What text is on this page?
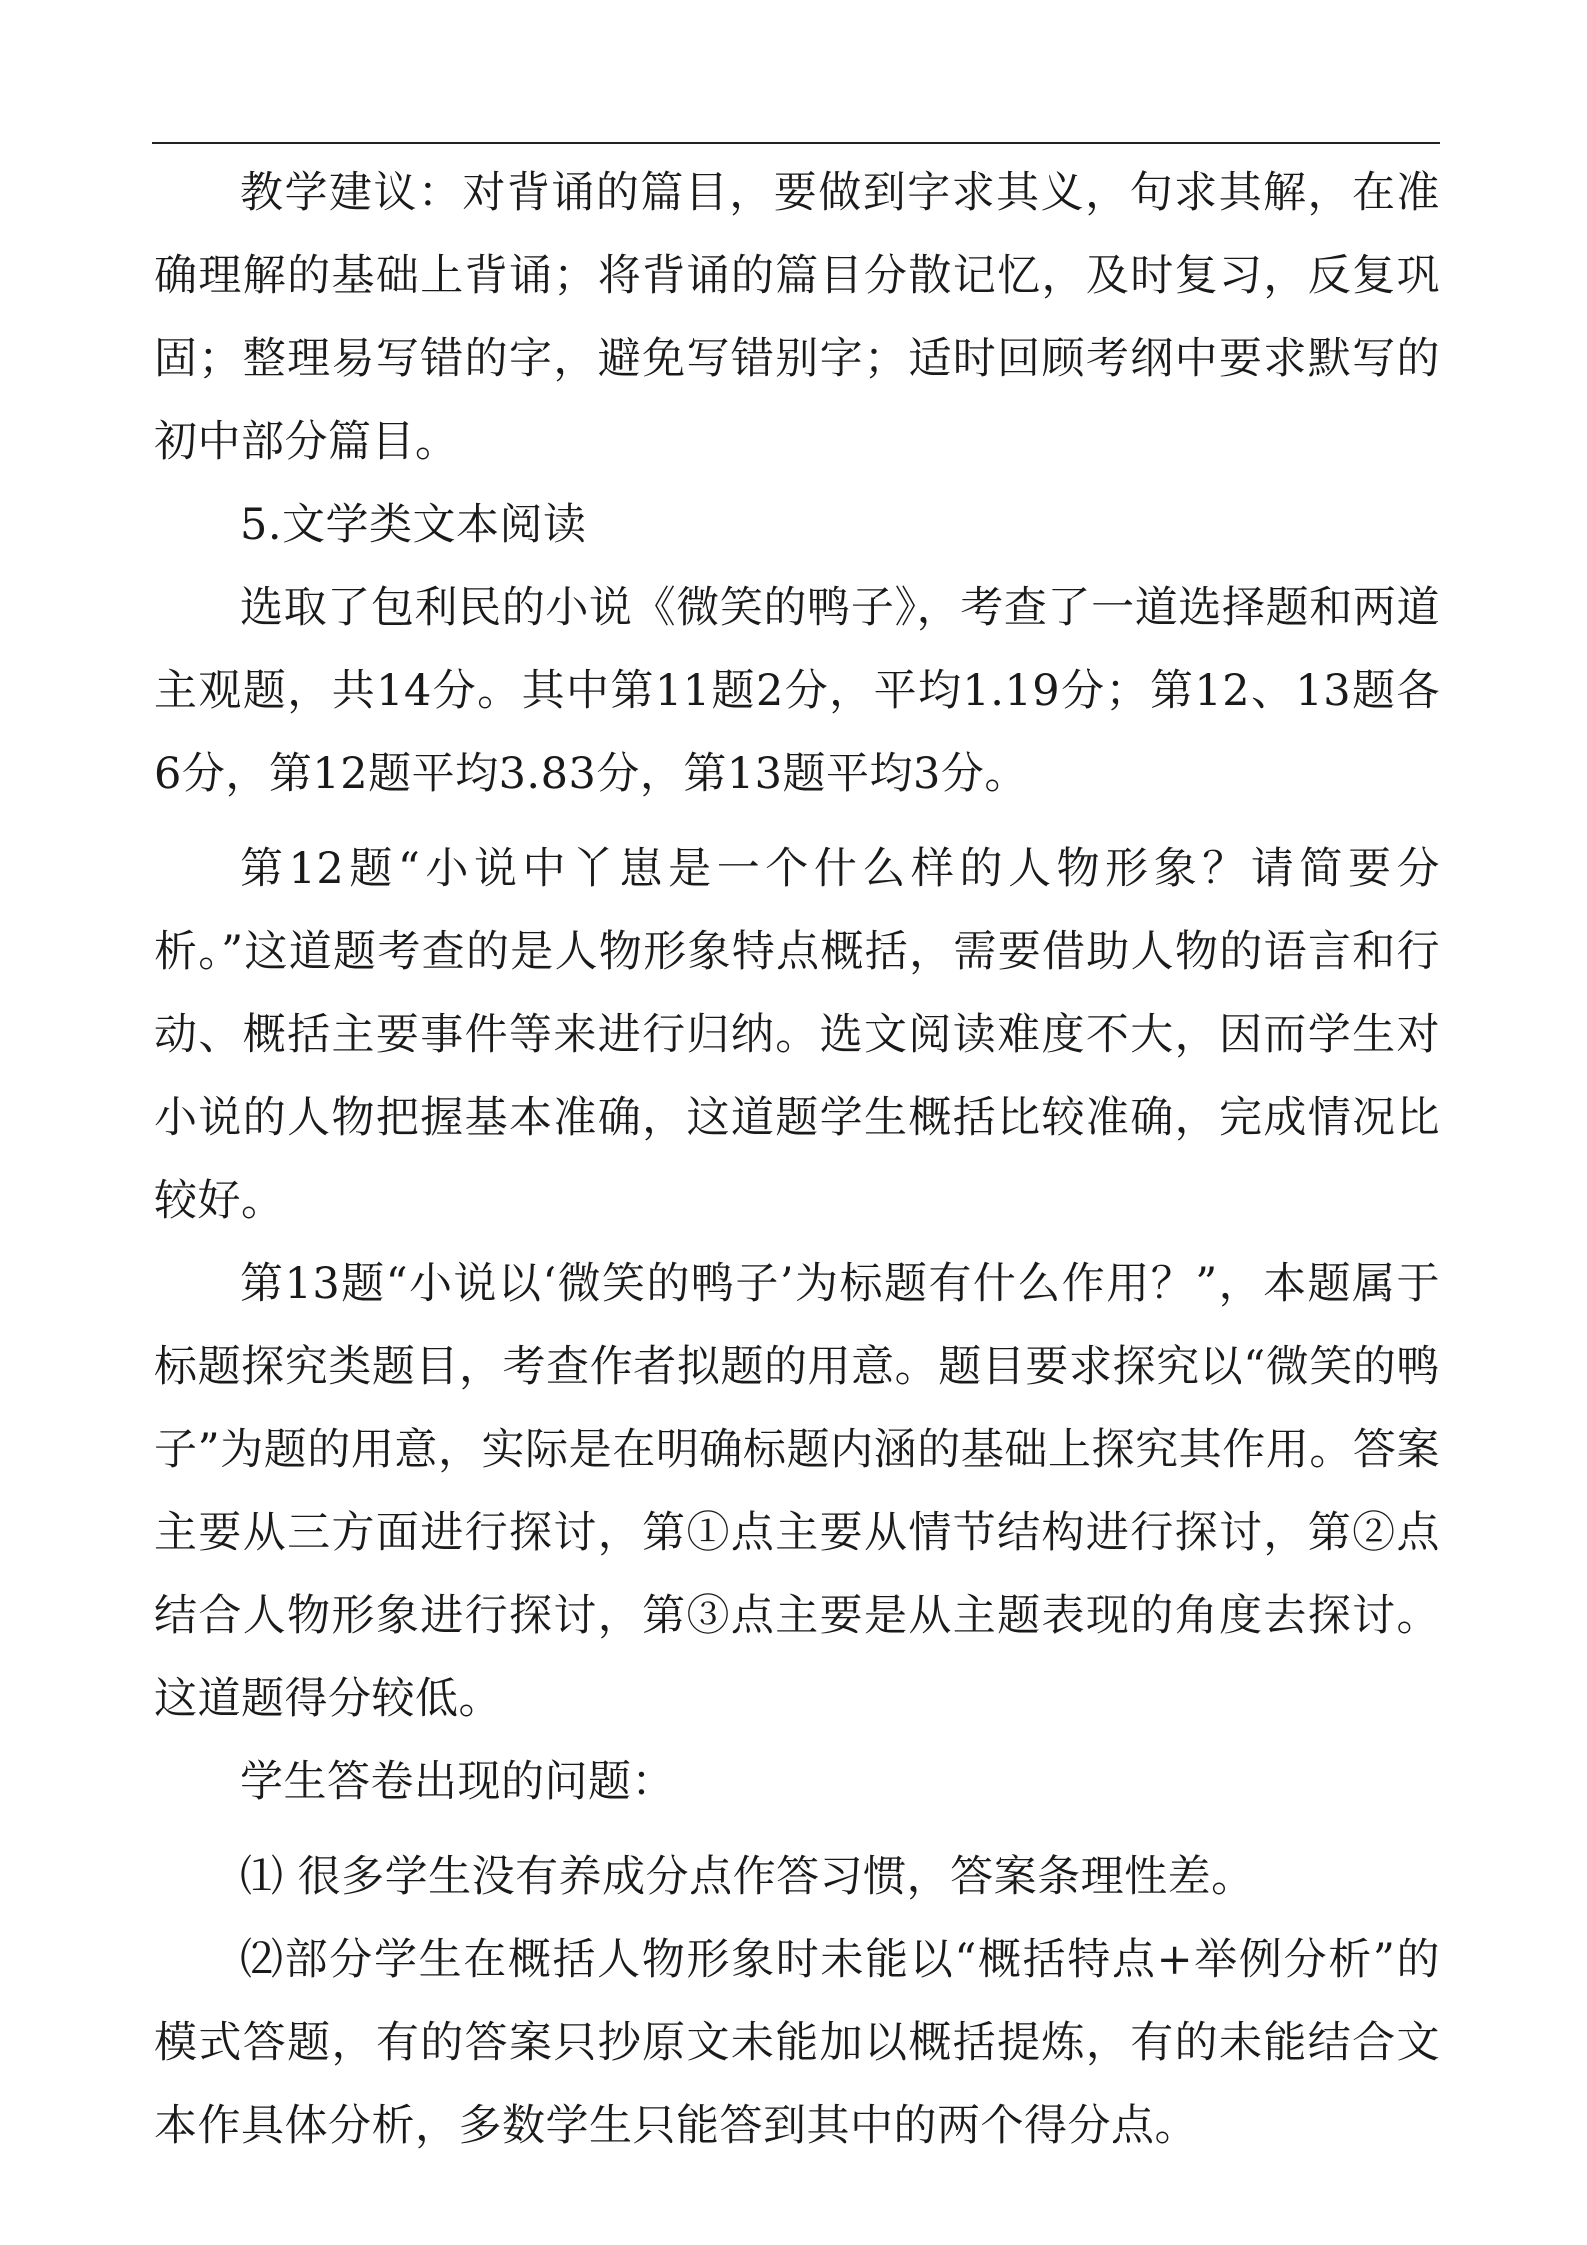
教学建议：对背诵的篇目，要做到字求其义，句求其解，在准确理解的基础上背诵；将背诵的篇目分散记忆，及时复习，反复巩固；整理易写错的字，避免写错别字；适时回顾考纲中要求默写的初中部分篇目。

5.文学类文本阅读

选取了包利民的小说《微笑的鸭子》，考查了一道选择题和两道主观题，共14分。其中第11题2分，平均1.19分；第12、13题各6分，第12题平均3.83分，第13题平均3分。

第12题“小说中丫崽是一个什么样的人物形象？请简要分析。”这道题考查的是人物形象特点概括，需要借助人物的语言和行动、概括主要事件等来进行归纳。选文阅读难度不大，因而学生对小说的人物把握基本准确，这道题学生概括比较准确，完成情况比较好。

第13题“小说以‘微笑的鸭子’为标题有什么作用？”，本题属于标题探究类题目，考查作者拟题的用意。题目要求探究以“微笑的鸭子”为题的用意，实际是在明确标题内涵的基础上探究其作用。答案主要从三方面进行探讨，第①点主要从情节结构进行探讨，第②点结合人物形象进行探讨，第③点主要是从主题表现的角度去探讨。这道题得分较低。

学生答卷出现的问题：

⑴ 很多学生没有养成分点作答习惯，答案条理性差。

⑵部分学生在概括人物形象时未能以“概括特点+举例分析”的模式答题，有的答案只抄原文未能加以概括提炼，有的未能结合文本作具体分析，多数学生只能答到其中的两个得分点。
